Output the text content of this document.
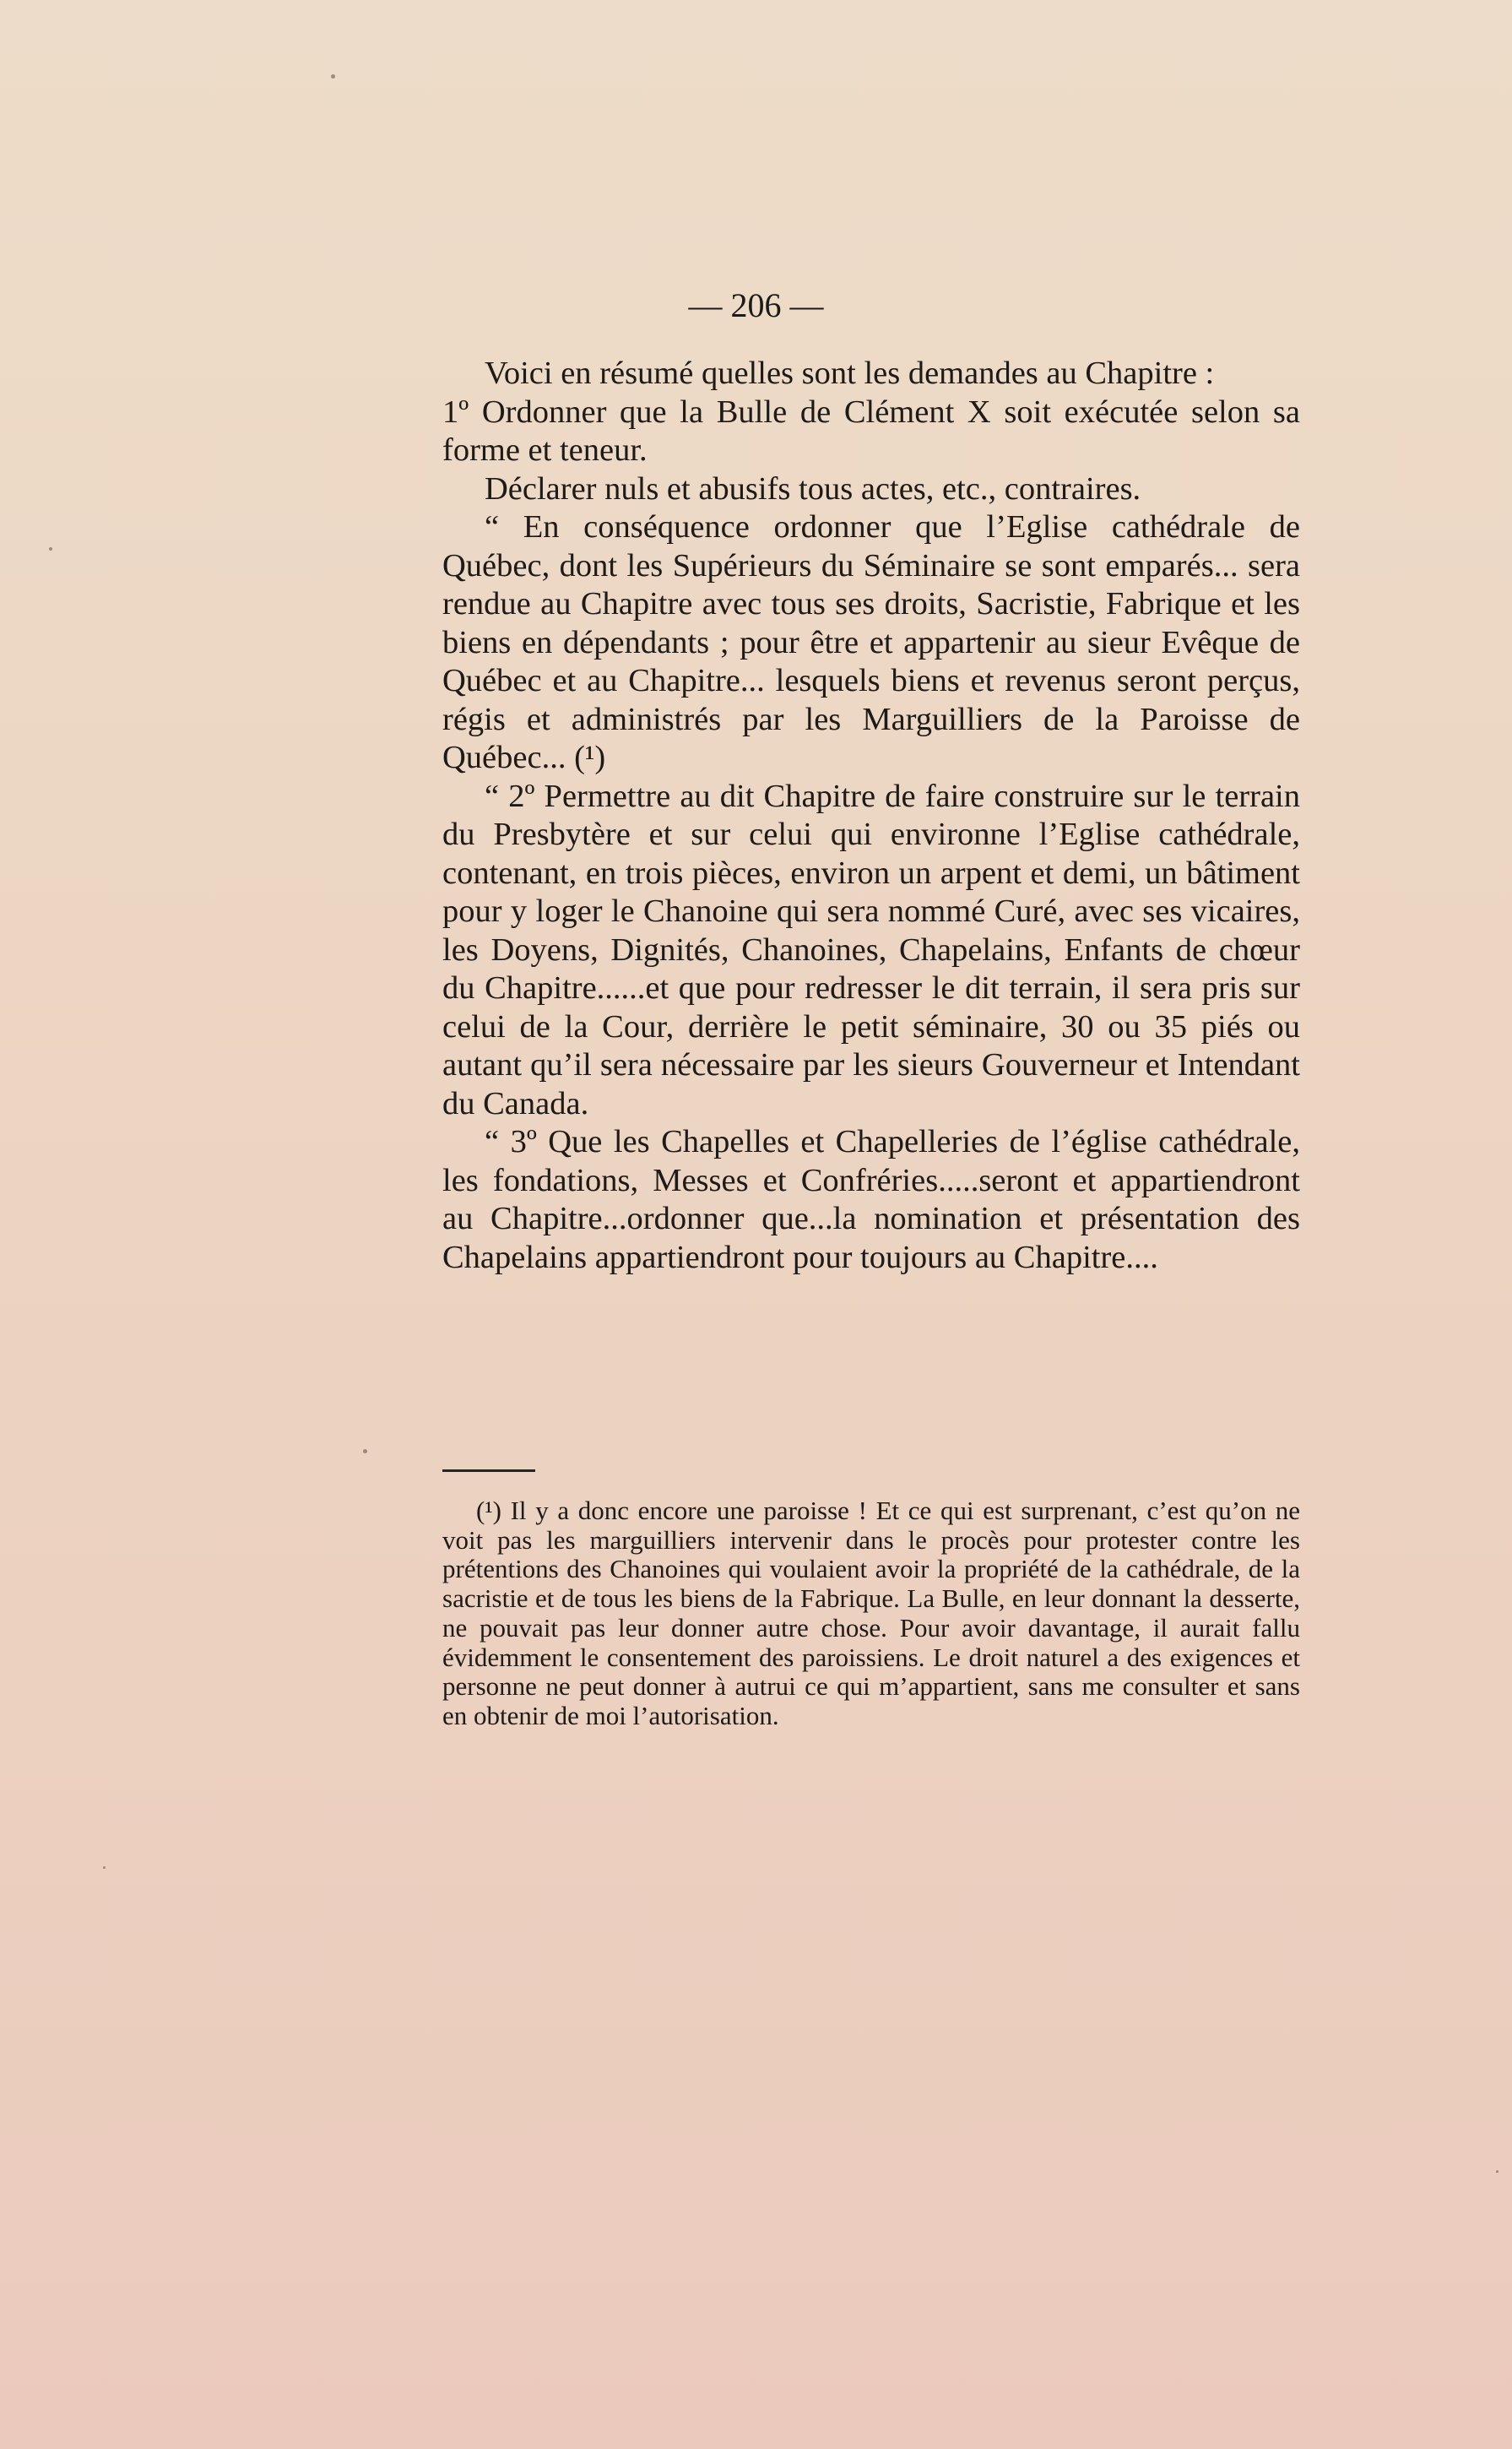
— 206 —

Voici en résumé quelles sont les demandes au Chapitre :

1º Ordonner que la Bulle de Clément X soit exécutée selon sa forme et teneur.

Déclarer nuls et abusifs tous actes, etc., contraires.

“ En conséquence ordonner que l’Eglise cathédrale de Québec, dont les Supérieurs du Séminaire se sont emparés... sera rendue au Chapitre avec tous ses droits, Sacristie, Fabrique et les biens en dépendants ; pour être et appartenir au sieur Evêque de Québec et au Chapitre... lesquels biens et revenus seront perçus, régis et administrés par les Marguilliers de la Paroisse de Québec... (¹)

“ 2º Permettre au dit Chapitre de faire construire sur le terrain du Presbytère et sur celui qui environne l’Eglise cathédrale, contenant, en trois pièces, environ un arpent et demi, un bâtiment pour y loger le Chanoine qui sera nommé Curé, avec ses vicaires, les Doyens, Dignités, Chanoines, Chapelains, Enfants de chœur du Chapitre......et que pour redresser le dit terrain, il sera pris sur celui de la Cour, derrière le petit séminaire, 30 ou 35 piés ou autant qu’il sera nécessaire par les sieurs Gouverneur et Intendant du Canada.

“ 3º Que les Chapelles et Chapelleries de l’église cathédrale, les fondations, Messes et Confréries.....seront et appartiendront au Chapitre...ordonner que...la nomination et présentation des Chapelains appartiendront pour toujours au Chapitre....

(¹) Il y a donc encore une paroisse ! Et ce qui est surprenant, c’est qu’on ne voit pas les marguilliers intervenir dans le procès pour protester contre les prétentions des Chanoines qui voulaient avoir la propriété de la cathédrale, de la sacristie et de tous les biens de la Fabrique. La Bulle, en leur donnant la desserte, ne pouvait pas leur donner autre chose. Pour avoir davantage, il aurait fallu évidemment le consentement des paroissiens. Le droit naturel a des exigences et personne ne peut donner à autrui ce qui m’appartient, sans me consulter et sans en obtenir de moi l’autorisation.
